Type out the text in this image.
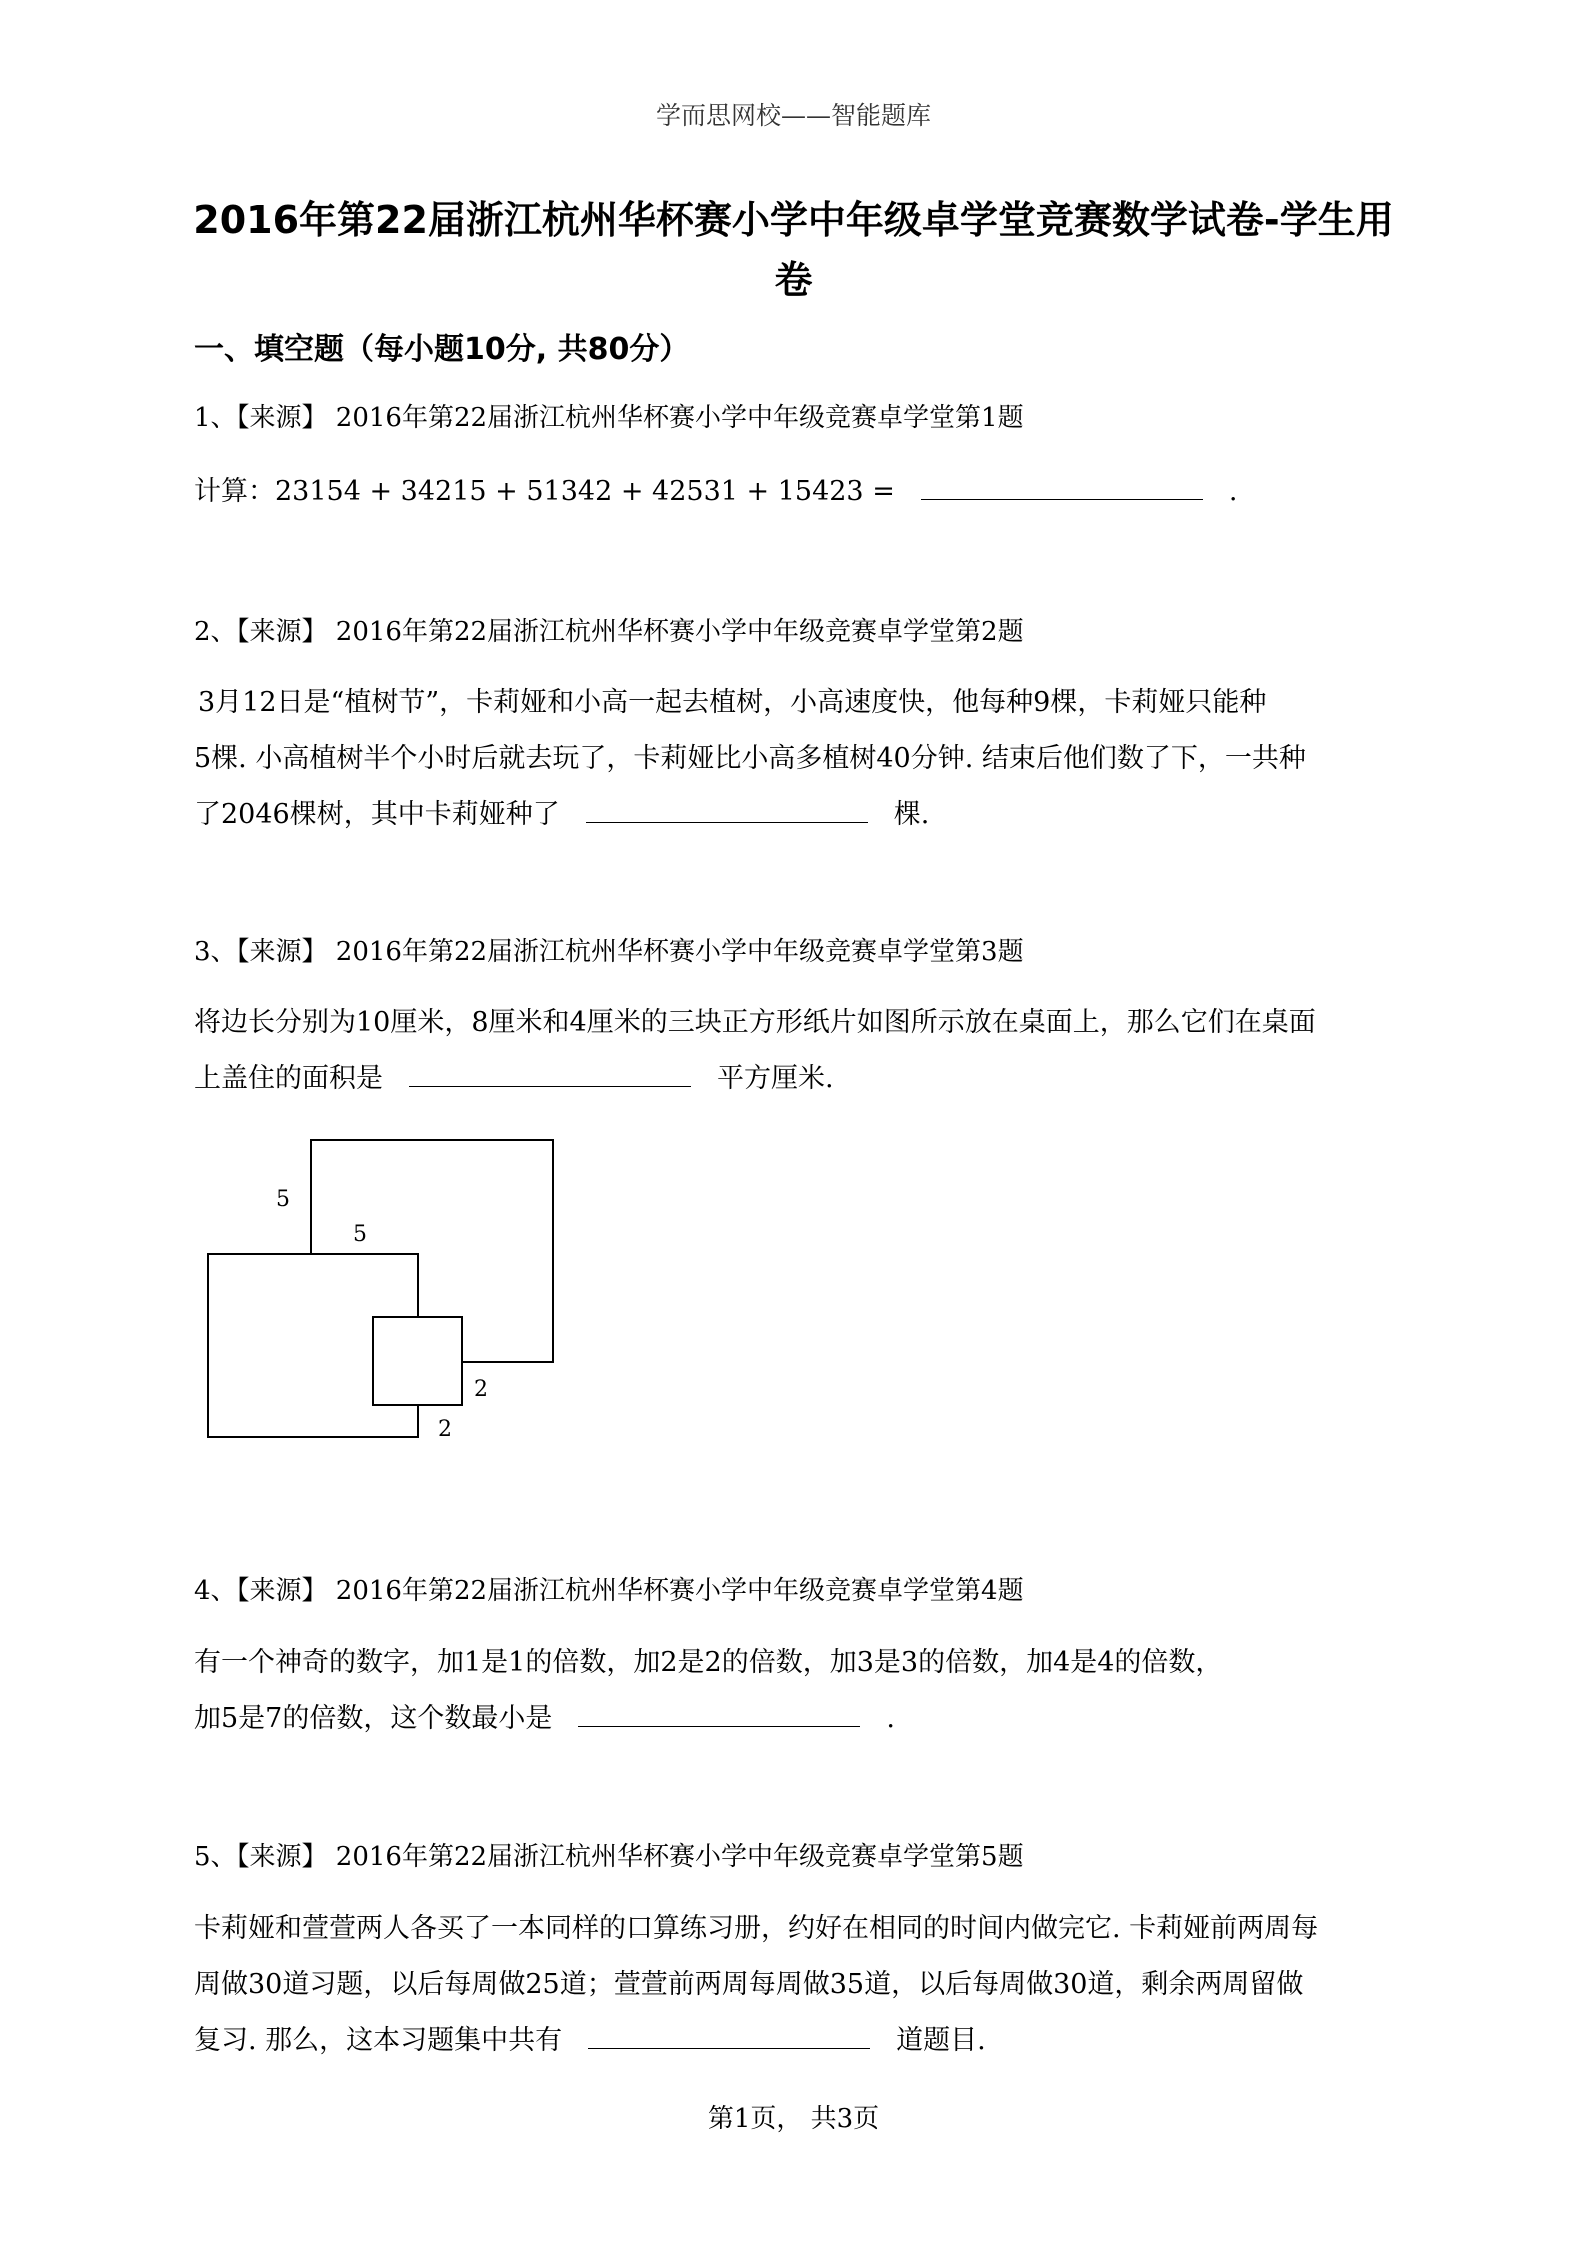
学而思网校——智能题库
2016年第22届浙江杭州华杯赛小学中年级卓学堂竞赛数学试卷-学生用卷
一、填空题（每小题10分, 共80分）
1、【来源】 2016年第22届浙江杭州华杯赛小学中年级竞赛卓学堂第1题
计算：23154 + 34215 + 51342 + 42531 + 15423 =	.
2、【来源】 2016年第22届浙江杭州华杯赛小学中年级竞赛卓学堂第2题
3月12日是“植树节”，卡莉娅和小高一起去植树，小高速度快，他每种9棵，卡莉娅只能种
5棵. 小高植树半个小时后就去玩了，卡莉娅比小高多植树40分钟. 结束后他们数了下，一共种
了2046棵树，其中卡莉娅种了	棵.
3、【来源】 2016年第22届浙江杭州华杯赛小学中年级竞赛卓学堂第3题
将边长分别为10厘米，8厘米和4厘米的三块正方形纸片如图所示放在桌面上，那么它们在桌面
上盖住的面积是	平方厘米.
5
5
2
2
4、【来源】 2016年第22届浙江杭州华杯赛小学中年级竞赛卓学堂第4题
有一个神奇的数字，加1是1的倍数，加2是2的倍数，加3是3的倍数，加4是4的倍数，
加5是7的倍数，这个数最小是	.
5、【来源】 2016年第22届浙江杭州华杯赛小学中年级竞赛卓学堂第5题
卡莉娅和萱萱两人各买了一本同样的口算练习册，约好在相同的时间内做完它. 卡莉娅前两周每
周做30道习题，以后每周做25道；萱萱前两周每周做35道，以后每周做30道，剩余两周留做
复习. 那么，这本习题集中共有	道题目.
第1页， 共3页
